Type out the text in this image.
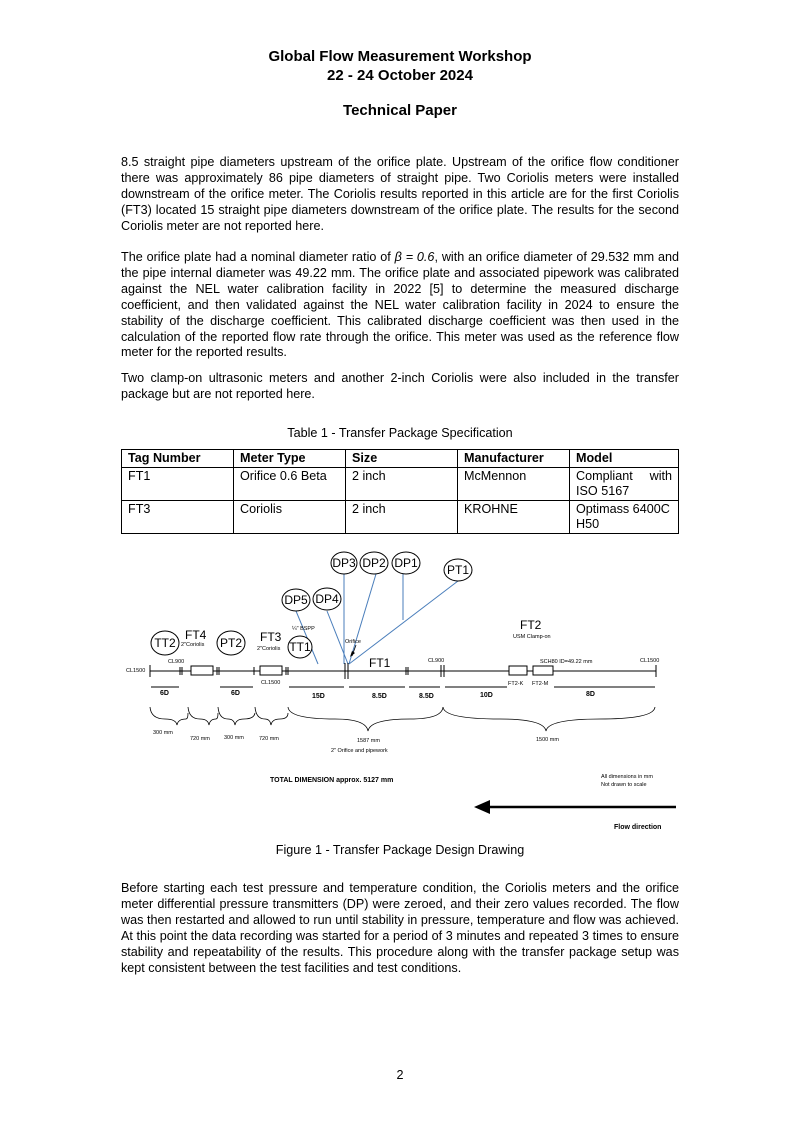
Global Flow Measurement Workshop
22 - 24 October 2024
Technical Paper
8.5 straight pipe diameters upstream of the orifice plate. Upstream of the orifice flow conditioner there was approximately 86 pipe diameters of straight pipe. Two Coriolis meters were installed downstream of the orifice meter. The Coriolis results reported in this article are for the first Coriolis (FT3) located 15 straight pipe diameters downstream of the orifice plate. The results for the second Coriolis meter are not reported here.
The orifice plate had a nominal diameter ratio of β = 0.6, with an orifice diameter of 29.532 mm and the pipe internal diameter was 49.22 mm. The orifice plate and associated pipework was calibrated against the NEL water calibration facility in 2022 [5] to determine the measured discharge coefficient, and then validated against the NEL water calibration facility in 2024 to ensure the stability of the discharge coefficient. This calibrated discharge coefficient was then used in the calculation of the reported flow rate through the orifice. This meter was used as the reference flow meter for the reported results.
Two clamp-on ultrasonic meters and another 2-inch Coriolis were also included in the transfer package but are not reported here.
Table 1 - Transfer Package Specification
Tag Number	Meter Type	Size	Manufacturer	Model
FT1	Orifice 0.6 Beta	2 inch	McMennon	Compliant with ISO 5167
FT3	Coriolis	2 inch	KROHNE	Optimass 6400C H50
DP3 DP2 DP1 PT1
DP5 DP4
TT2	PT2	TT1
FT4
2"Coriolis
FT3
2"Coriolis
FT2
USM Clamp-on
FT1
¼" BSPP
Orifice
CL1500
CL900
CL1500
CL900	SCH80 ID=49.22 mm	CL1500
FT2-K FT2-M
6D	6D	15D	8.5D	8.5D	10D	8D
300 mm
720 mm	300 mm	720 mm	1587 mm
2" Orifice and pipework
1500 mm
TOTAL DIMENSION approx. 5127 mm	All dimensions in mm
Not drawn to scale
Flow direction
Figure 1 - Transfer Package Design Drawing
Before starting each test pressure and temperature condition, the Coriolis meters and the orifice meter differential pressure transmitters (DP) were zeroed, and their zero values recorded. The flow was then restarted and allowed to run until stability in pressure, temperature and flow was achieved. At this point the data recording was started for a period of 3 minutes and repeated 3 times to ensure stability and repeatability of the results. This procedure along with the transfer package setup was kept consistent between the test facilities and test conditions.
2
